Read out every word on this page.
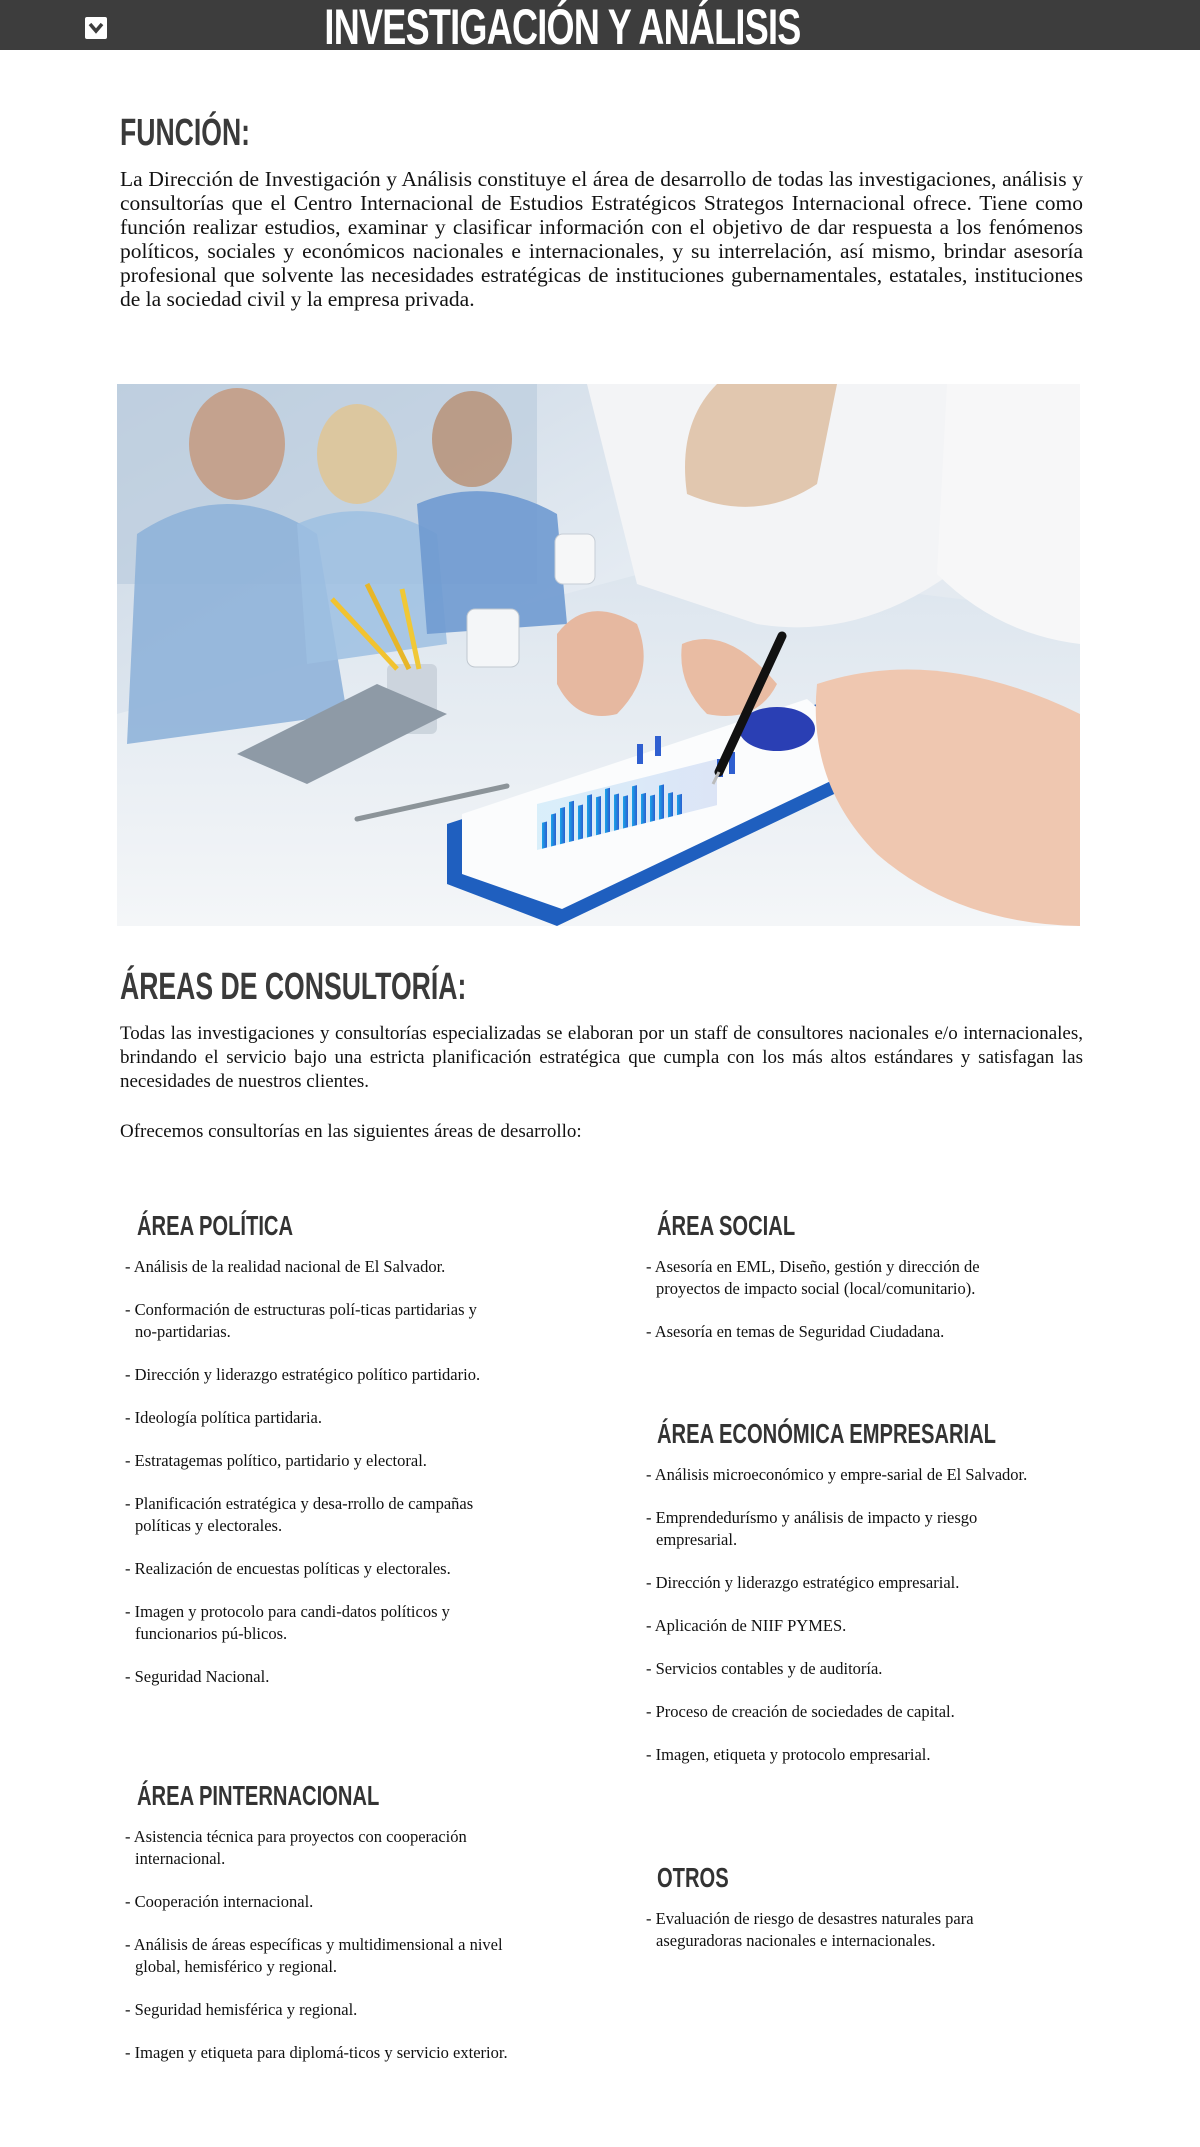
INVESTIGACIÓN Y ANÁLISIS
FUNCIÓN:

La Dirección de Investigación y Análisis constituye el área de desarrollo de todas las investigaciones, análisis y consultorías que el Centro Internacional de Estudios Estratégicos Strategos Internacional ofrece. Tiene como función realizar estudios, examinar y clasificar información con el objetivo de dar respuesta a los fenómenos políticos, sociales y económicos nacionales e internacionales, y su interrelación, así mismo, brindar asesoría profesional que solvente las necesidades estratégicas de instituciones gubernamentales, estatales, instituciones de la sociedad civil y la empresa privada.

ÁREAS DE CONSULTORÍA:

Todas las investigaciones y consultorías especializadas se elaboran por un staff de consultores nacionales e/o internacionales, brindando el servicio bajo una estricta planificación estratégica que cumpla con los más altos estándares y satisfagan las necesidades de nuestros clientes.

Ofrecemos consultorías en las siguientes áreas de desarrollo:

ÁREA POLÍTICA
- Análisis de la realidad nacional de El Salvador.
- Conformación de estructuras polí-ticas partidarias y no-partidarias.
- Dirección y liderazgo estratégico político partidario.
- Ideología política partidaria.
- Estratagemas político, partidario y electoral.
- Planificación estratégica y desa-rrollo de campañas políticas y electorales.
- Realización de encuestas políticas y electorales.
- Imagen y protocolo para candi-datos políticos y funcionarios pú-blicos.
- Seguridad Nacional.
ÁREA SOCIAL
- Asesoría en EML, Diseño, gestión y dirección de proyectos de impacto social (local/comunitario).
- Asesoría en temas de Seguridad Ciudadana.
ÁREA ECONÓMICA EMPRESARIAL
- Análisis microeconómico y empre-sarial de El Salvador.
- Emprendedurísmo y análisis de impacto y riesgo empresarial.
- Dirección y liderazgo estratégico empresarial.
- Aplicación de NIIF PYMES.
- Servicios contables y de auditoría.
- Proceso de creación de sociedades de capital.
- Imagen, etiqueta y protocolo empresarial.
ÁREA PINTERNACIONAL
- Asistencia técnica para proyectos con cooperación internacional.
- Cooperación internacional.
- Análisis de áreas específicas y multidimensional a nivel global, hemisférico y regional.
- Seguridad hemisférica y regional.
- Imagen y etiqueta para diplomá-ticos y servicio exterior.
OTROS
- Evaluación de riesgo de desastres naturales para aseguradoras nacionales e internacionales.
